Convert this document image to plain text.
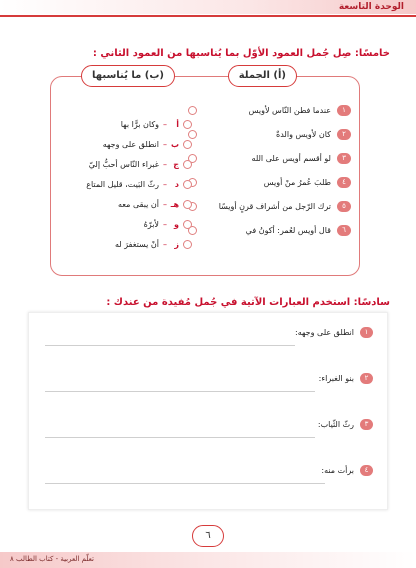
الوحدة التاسعة
خامسًا: صِل جُمل العمود الأوّل بما يُناسبها من العمود الثاني :
(أ) الجملة
(ب) ما يُناسبها
١
عندما فطن النّاس لأويس
٢
كان لأويس والدةٌ
٣
لو أقسم أويس على الله
٤
طلبَ عُمرُ منْ أويس
٥
ترك الرّجل من أشراف قرنٍ أويسًا
٦
قال أويس لعُمر: أكونُ في
أ
–
وكان برًّا بها
ب
–
انطلق على وجهه
ج
–
غبراء النّاس أحبُّ إليّ
د
–
رثّ البَيت، قليل المتاع
هـ
–
أن يبقى معه
و
–
لأبرّهُ
ز
–
أنْ يستغفرَ له
سادسًا: استخدم العبارات الآتية في جُمل مُفيدة من عندك :
١
انطلق على وجهه:
٢
بنو الغبراء:
٣
رثّ الثّياب:
٤
برأت منه:
٦
تعلّم العربية - كتاب الطالب ٨
